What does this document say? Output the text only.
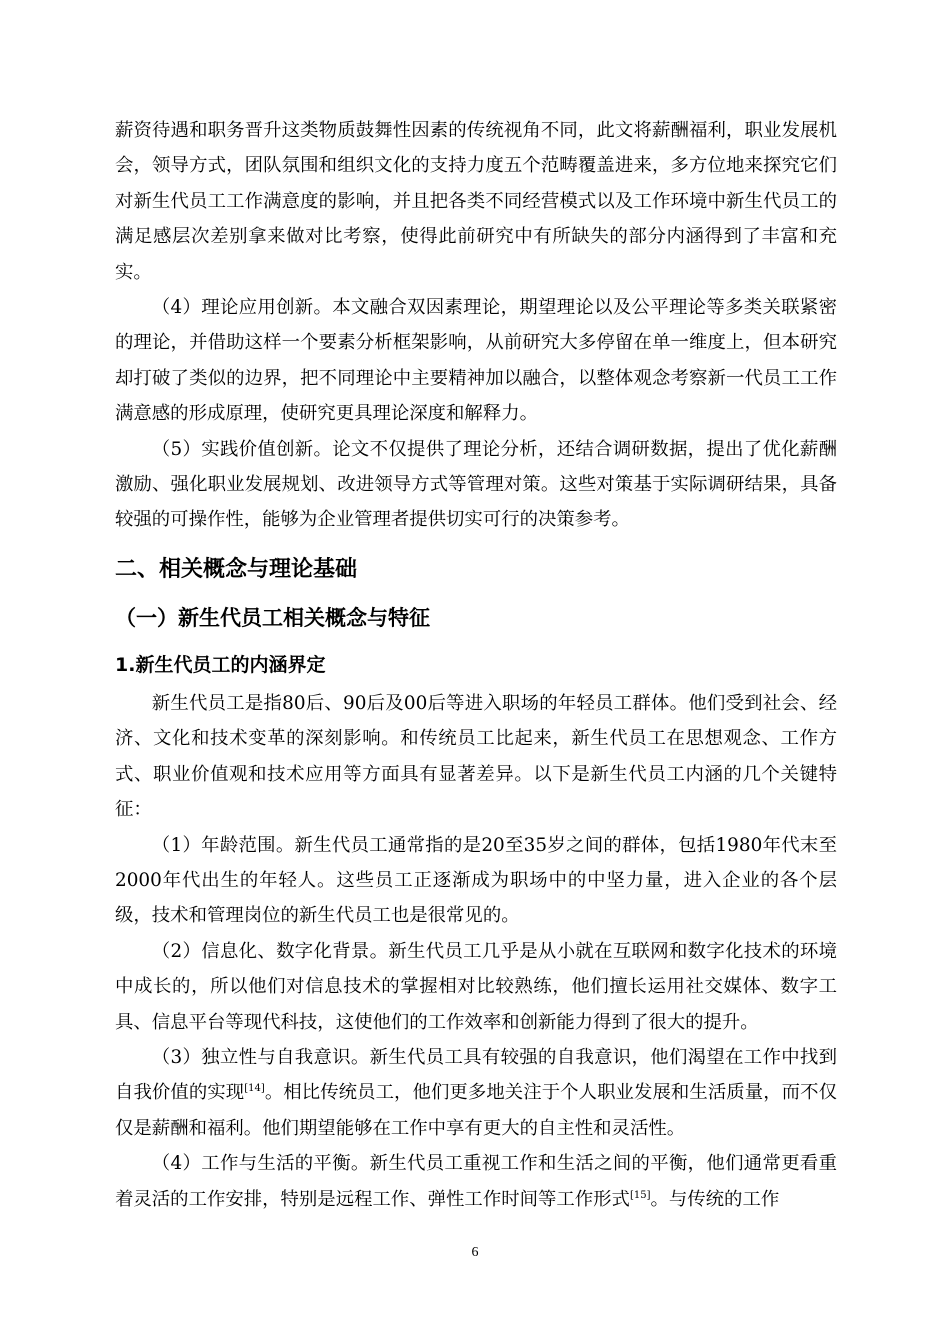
薪资待遇和职务晋升这类物质鼓舞性因素的传统视角不同，此文将薪酬福利，职业发展机会，领导方式，团队氛围和组织文化的支持力度五个范畴覆盖进来，多方位地来探究它们对新生代员工工作满意度的影响，并且把各类不同经营模式以及工作环境中新生代员工的满足感层次差别拿来做对比考察，使得此前研究中有所缺失的部分内涵得到了丰富和充实。

（4）理论应用创新。本文融合双因素理论，期望理论以及公平理论等多类关联紧密的理论，并借助这样一个要素分析框架影响，从前研究大多停留在单一维度上，但本研究却打破了类似的边界，把不同理论中主要精神加以融合，以整体观念考察新一代员工工作满意感的形成原理，使研究更具理论深度和解释力。

（5）实践价值创新。论文不仅提供了理论分析，还结合调研数据，提出了优化薪酬激励、强化职业发展规划、改进领导方式等管理对策。这些对策基于实际调研结果，具备较强的可操作性，能够为企业管理者提供切实可行的决策参考。

二、相关概念与理论基础
（一）新生代员工相关概念与特征
1.新生代员工的内涵界定

新生代员工是指80后、90后及00后等进入职场的年轻员工群体。他们受到社会、经济、文化和技术变革的深刻影响。和传统员工比起来，新生代员工在思想观念、工作方式、职业价值观和技术应用等方面具有显著差异。以下是新生代员工内涵的几个关键特征：

（1）年龄范围。新生代员工通常指的是20至35岁之间的群体，包括1980年代末至2000年代出生的年轻人。这些员工正逐渐成为职场中的中坚力量，进入企业的各个层级，技术和管理岗位的新生代员工也是很常见的。

（2）信息化、数字化背景。新生代员工几乎是从小就在互联网和数字化技术的环境中成长的，所以他们对信息技术的掌握相对比较熟练，他们擅长运用社交媒体、数字工具、信息平台等现代科技，这使他们的工作效率和创新能力得到了很大的提升。

（3）独立性与自我意识。新生代员工具有较强的自我意识，他们渴望在工作中找到自我价值的实现[14]。相比传统员工，他们更多地关注于个人职业发展和生活质量，而不仅仅是薪酬和福利。他们期望能够在工作中享有更大的自主性和灵活性。

（4）工作与生活的平衡。新生代员工重视工作和生活之间的平衡，他们通常更看重着灵活的工作安排，特别是远程工作、弹性工作时间等工作形式[15]。与传统的工作

6
